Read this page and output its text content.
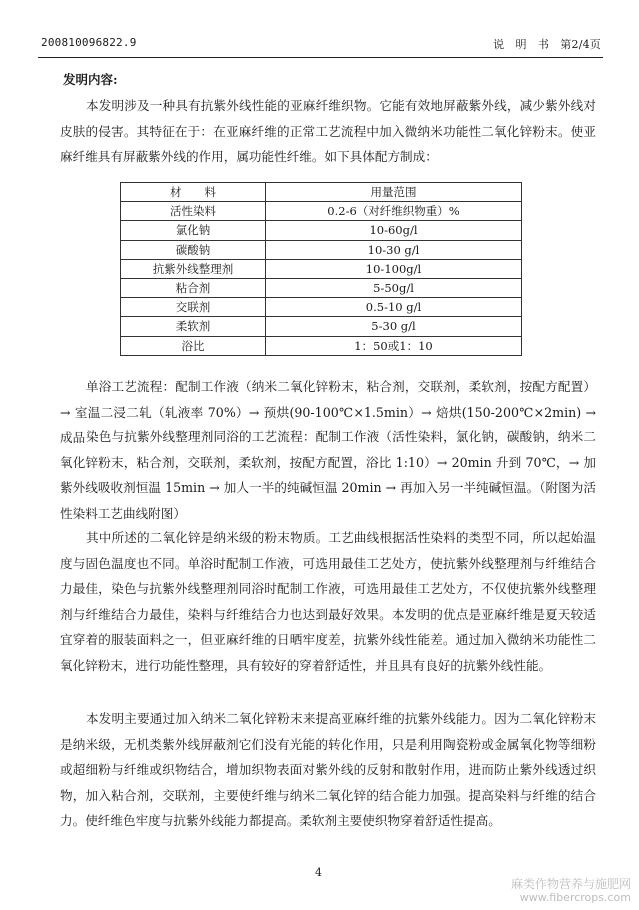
200810096822.9	说　明　书　第2/4页
发明内容:

本发明涉及一种具有抗紫外线性能的亚麻纤维织物。它能有效地屏蔽紫外线，减少紫外线对皮肤的侵害。其特征在于：在亚麻纤维的正常工艺流程中加入微纳米功能性二氧化锌粉末。使亚麻纤维具有屏蔽紫外线的作用，属功能性纤维。如下具体配方制成：

材　　料	用量范围
活性染料	0.2-6（对纤维织物重）%
氯化钠	10-60g/l
碳酸钠	10-30 g/l
抗紫外线整理剂	10-100g/l
粘合剂	5-50g/l
交联剂	0.5-10 g/l
柔软剂	5-30 g/l
浴比	1：50或1：10

单浴工艺流程：配制工作液（纳米二氧化锌粉末，粘合剂，交联剂，柔软剂，按配方配置）→ 室温二浸二轧（轧液率 70%）→ 预烘(90-100℃×1.5min）→ 焙烘(150-200℃×2min) → 成品 染色与抗紫外线整理剂同浴的工艺流程：配制工作液（活性染料，氯化钠，碳酸钠，纳米二氧化锌粉末，粘合剂，交联剂，柔软剂，按配方配置，浴比 1:10）→ 20min 升到 70℃，→ 加紫外线吸收剂恒温 15min → 加人一半的纯碱恒温 20min → 再加入另一半纯碱恒温。（附图为活性染料工艺曲线附图）

其中所述的二氧化锌是纳米级的粉末物质。工艺曲线根据活性染料的类型不同，所以起始温度与固色温度也不同。单浴时配制工作液，可选用最佳工艺处方，使抗紫外线整理剂与纤维结合力最佳，染色与抗紫外线整理剂同浴时配制工作液，可选用最佳工艺处方，不仅使抗紫外线整理剂与纤维结合力最佳，染料与纤维结合力也达到最好效果。本发明的优点是亚麻纤维是夏天较适宜穿着的服装面料之一，但亚麻纤维的日晒牢度差，抗紫外线性能差。通过加入微纳米功能性二氧化锌粉末，进行功能性整理，具有较好的穿着舒适性，并且具有良好的抗紫外线性能。

本发明主要通过加入纳米二氧化锌粉末来提高亚麻纤维的抗紫外线能力。因为二氧化锌粉末是纳米级，无机类紫外线屏蔽剂它们没有光能的转化作用，只是利用陶瓷粉或金属氧化物等细粉或超细粉与纤维或织物结合，增加织物表面对紫外线的反射和散射作用，进而防止紫外线透过织物，加入粘合剂，交联剂，主要使纤维与纳米二氧化锌的结合能力加强。提高染料与纤维的结合力。使纤维色牢度与抗紫外线能力都提高。柔软剂主要使织物穿着舒适性提高。

4
麻类作物营养与施肥网
www.fibercrops.com
